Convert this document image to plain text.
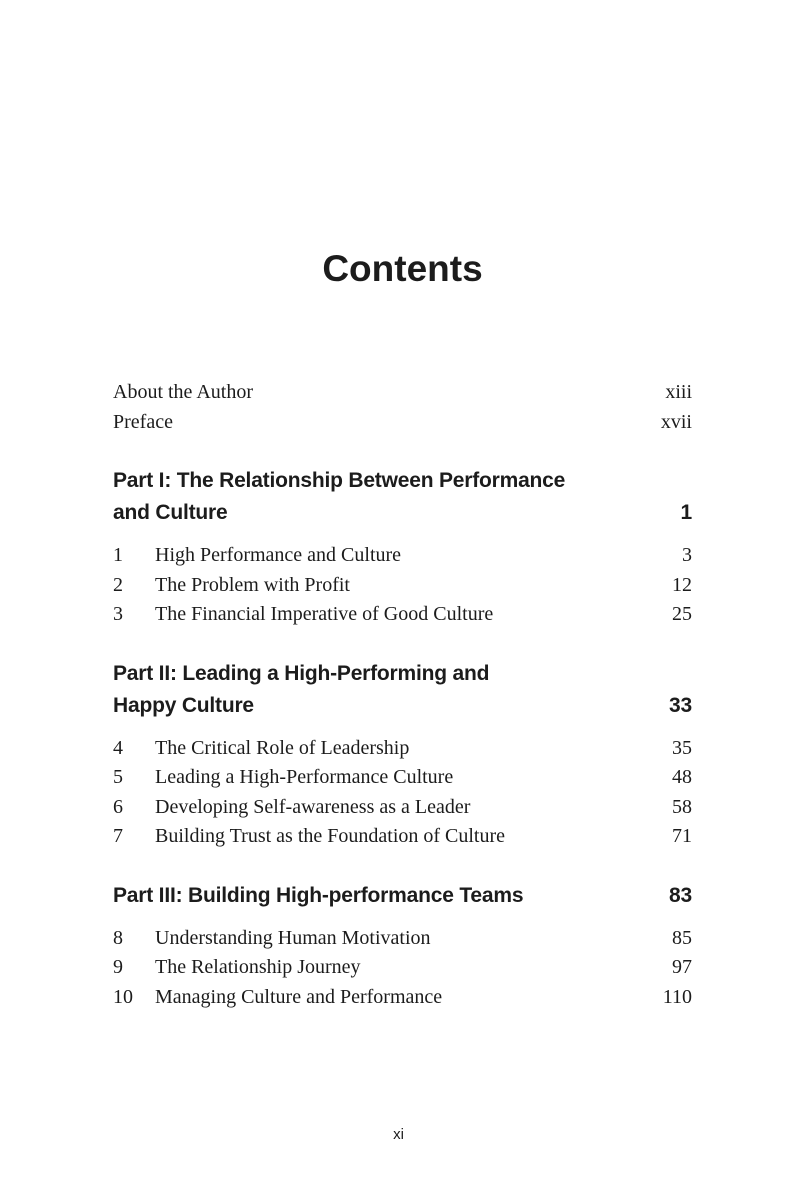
Contents
About the Author	xiii
Preface	xvii
Part I: The Relationship Between Performance
and Culture	1
1	High Performance and Culture	3
2	The Problem with Profit	12
3	The Financial Imperative of Good Culture	25
Part II: Leading a High-Performing and
Happy Culture	33
4	The Critical Role of Leadership	35
5	Leading a High-Performance Culture	48
6	Developing Self-awareness as a Leader	58
7	Building Trust as the Foundation of Culture	71
Part III: Building High-performance Teams	83
8	Understanding Human Motivation	85
9	The Relationship Journey	97
10	Managing Culture and Performance	110
xi
